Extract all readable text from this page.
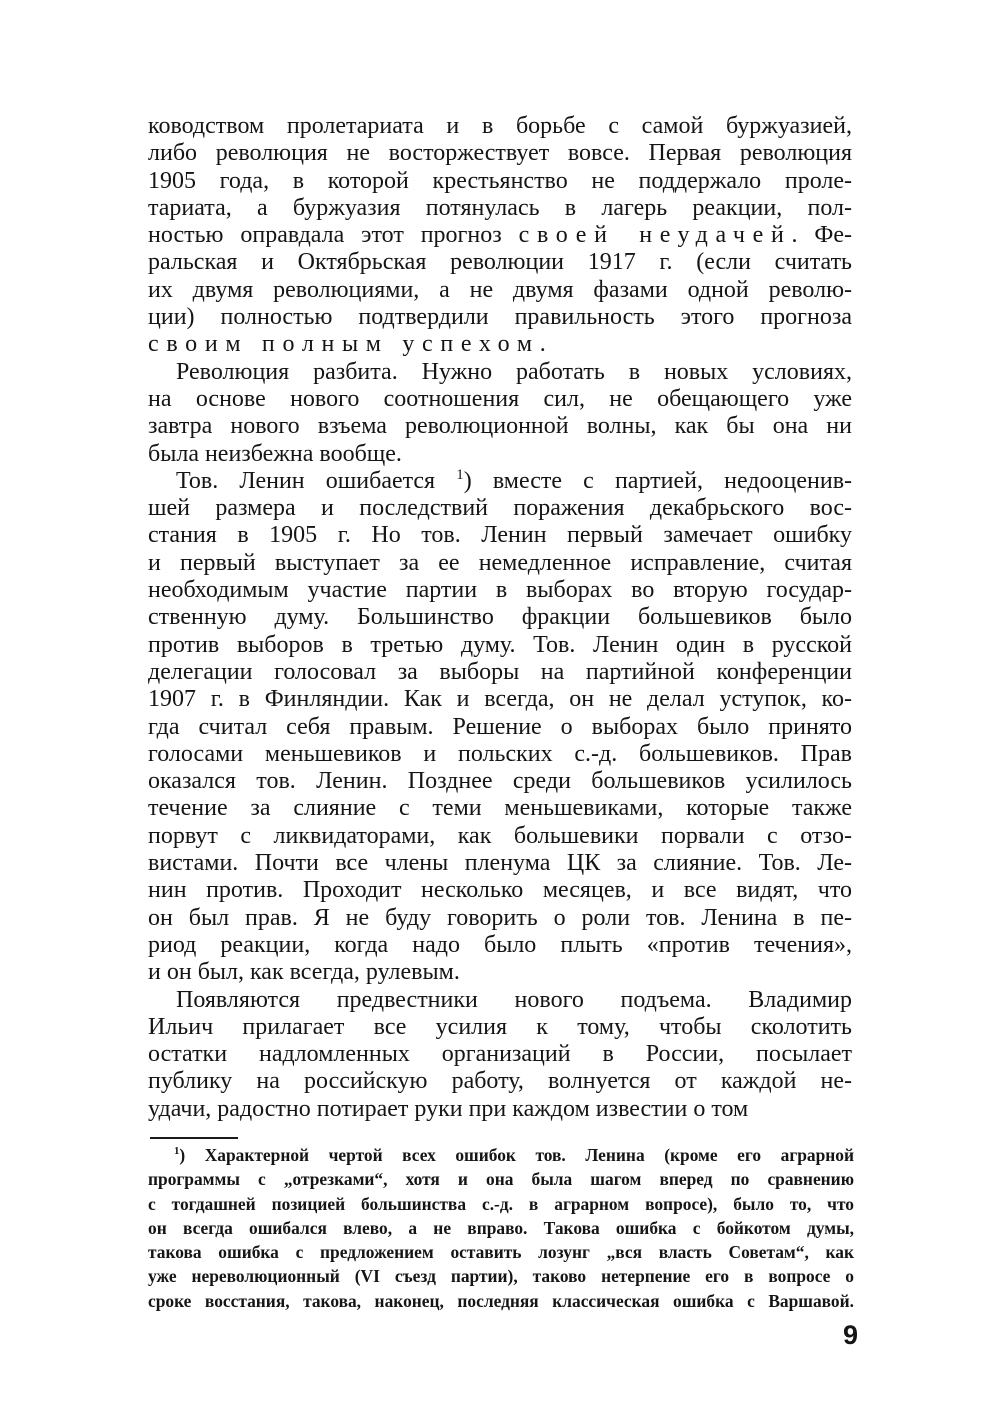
ководством пролетариата и в борьбе с самой буржуазией,
либо революция не восторжествует вовсе. Первая революция
1905 года, в которой крестьянство не поддержало проле-
тариата, а буржуазия потянулась в лагерь реакции, пол-
ностью оправдала этот прогноз своей неудачей. Фе-
ральская и Октябрьская революции 1917 г. (если считать
их двумя революциями, а не двумя фазами одной револю-
ции) полностью подтвердили правильность этого прогноза
своим полным успехом.
Революция разбита. Нужно работать в новых условиях,
на основе нового соотношения сил, не обещающего уже
завтра нового взъема революционной волны, как бы она ни
была неизбежна вообще.
Тов. Ленин ошибается $^1$) вместе с партией, недооценив-
шей размера и последствий поражения декабрьского вос-
стания в 1905 г. Но тов. Ленин первый замечает ошибку
и первый выступает за ее немедленное исправление, считая
необходимым участие партии в выборах во вторую государ-
ственную думу. Большинство фракции большевиков было
против выборов в третью думу. Тов. Ленин один в русской
делегации голосовал за выборы на партийной конференции
1907 г. в Финляндии. Как и всегда, он не делал уступок, ко-
гда считал себя правым. Решение о выборах было принято
голосами меньшевиков и польских с.-д. большевиков. Прав
оказался тов. Ленин. Позднее среди большевиков усилилось
течение за слияние с теми меньшевиками, которые также
порвут с ликвидаторами, как большевики порвали с отзо-
вистами. Почти все члены пленума ЦК за слияние. Тов. Ле-
нин против. Проходит несколько месяцев, и все видят, что
он был прав. Я не буду говорить о роли тов. Ленина в пе-
риод реакции, когда надо было плыть «против течения»,
и он был, как всегда, рулевым.
Появляются предвестники нового подъема. Владимир
Ильич прилагает все усилия к тому, чтобы сколотить
остатки надломленных организаций в России, посылает
публику на российскую работу, волнуется от каждой не-
удачи, радостно потирает руки при каждом известии о том
$^1$) Характерной чертой всех ошибок тов. Ленина (кроме его аграрной
программы с „отрезками“, хотя и она была шагом вперед по сравнению
с тогдашней позицией большинства с.-д. в аграрном вопросе), было то, что
он всегда ошибался влево, а не вправо. Такова ошибка с бойкотом думы,
такова ошибка с предложением оставить лозунг „вся власть Советам“, как
уже нереволюционный (VI съезд партии), таково нетерпение его в вопросе о
сроке восстания, такова, наконец, последняя классическая ошибка с Варшавой.
9
